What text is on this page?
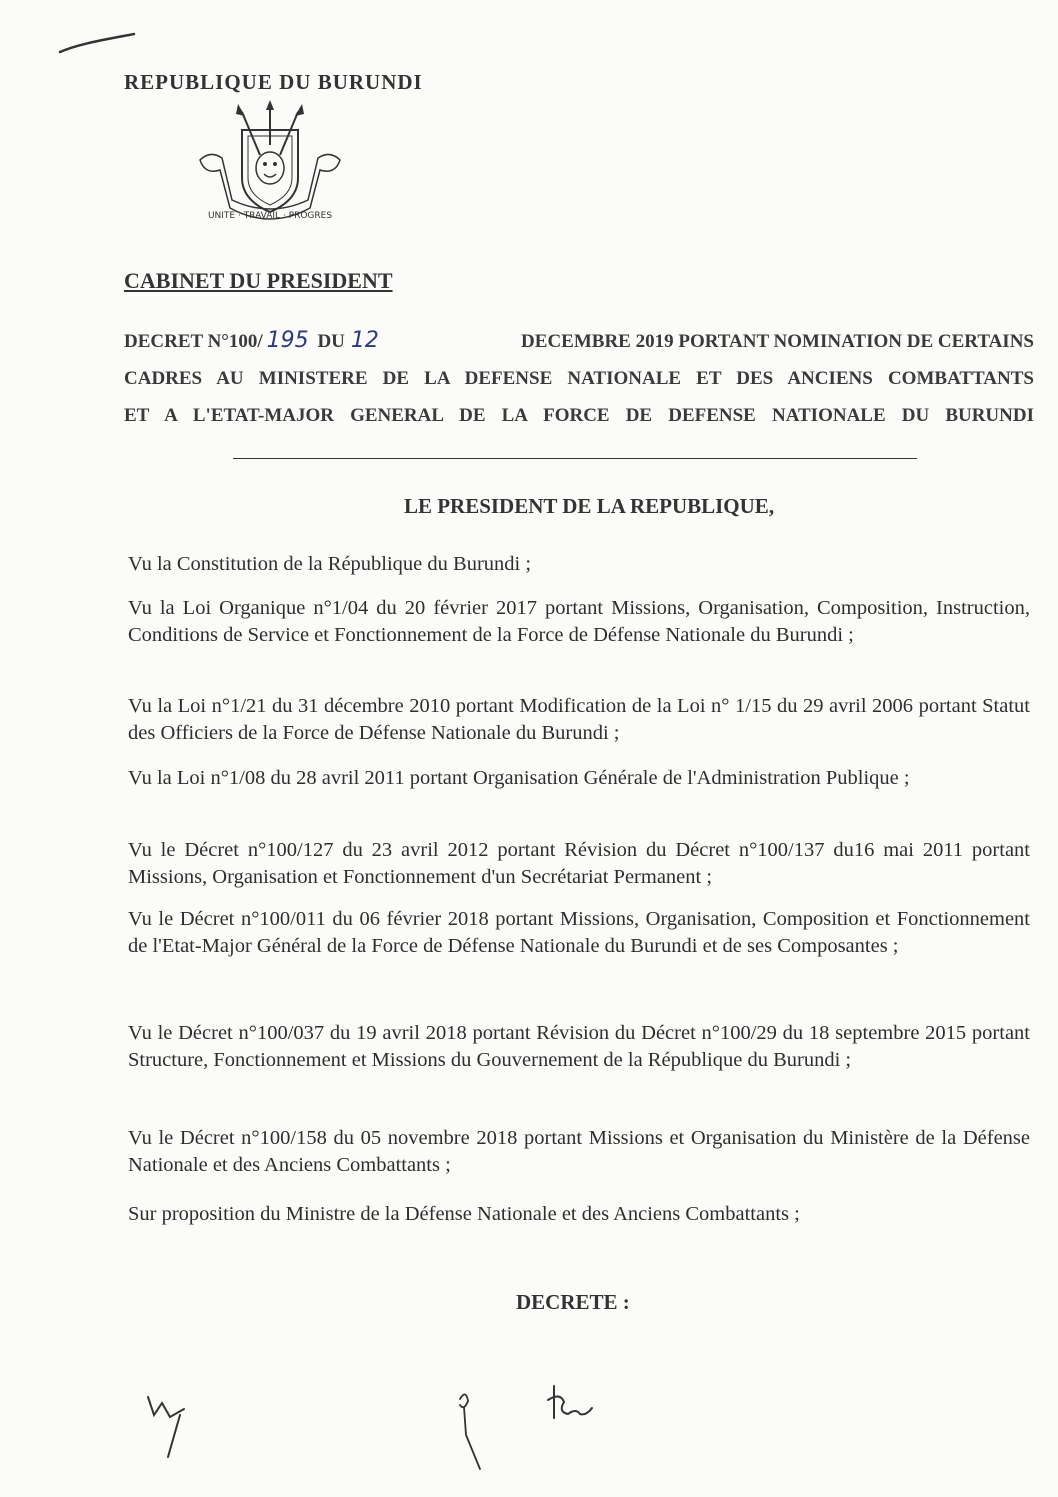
REPUBLIQUE DU BURUNDI
UNITE · TRAVAIL · PROGRES
CABINET DU PRESIDENT
DECRET N°100/ 195 DU 12	DECEMBRE 2019 PORTANT NOMINATION DE CERTAINS
CADRES AU MINISTERE DE LA DEFENSE NATIONALE ET DES ANCIENS COMBATTANTS
ET A L'ETAT-MAJOR GENERAL DE LA FORCE DE DEFENSE NATIONALE DU BURUNDI
LE PRESIDENT DE LA REPUBLIQUE,
Vu la Constitution de la République du Burundi ;
Vu la Loi Organique n°1/04 du 20 février 2017 portant Missions, Organisation, Composition, Instruction, Conditions de Service et Fonctionnement de la Force de Défense Nationale du Burundi ;
Vu la Loi n°1/21 du 31 décembre 2010 portant Modification de la Loi n° 1/15 du 29 avril 2006 portant Statut des Officiers de la Force de Défense Nationale du Burundi ;
Vu la Loi n°1/08 du 28 avril 2011 portant Organisation Générale de l'Administration Publique ;
Vu le Décret n°100/127 du 23 avril 2012 portant Révision du Décret n°100/137 du16 mai 2011 portant Missions, Organisation et Fonctionnement d'un Secrétariat Permanent ;
Vu le Décret n°100/011 du 06 février 2018 portant Missions, Organisation, Composition et Fonctionnement de l'Etat-Major Général de la Force de Défense Nationale du Burundi et de ses Composantes ;
Vu le Décret n°100/037 du 19 avril 2018 portant Révision du Décret n°100/29 du 18 septembre 2015 portant Structure, Fonctionnement et Missions du Gouvernement de la République du Burundi ;
Vu le Décret n°100/158 du 05 novembre 2018 portant Missions et Organisation du Ministère de la Défense Nationale et des Anciens Combattants ;
Sur proposition du Ministre de la Défense Nationale et des Anciens Combattants ;
DECRETE :
